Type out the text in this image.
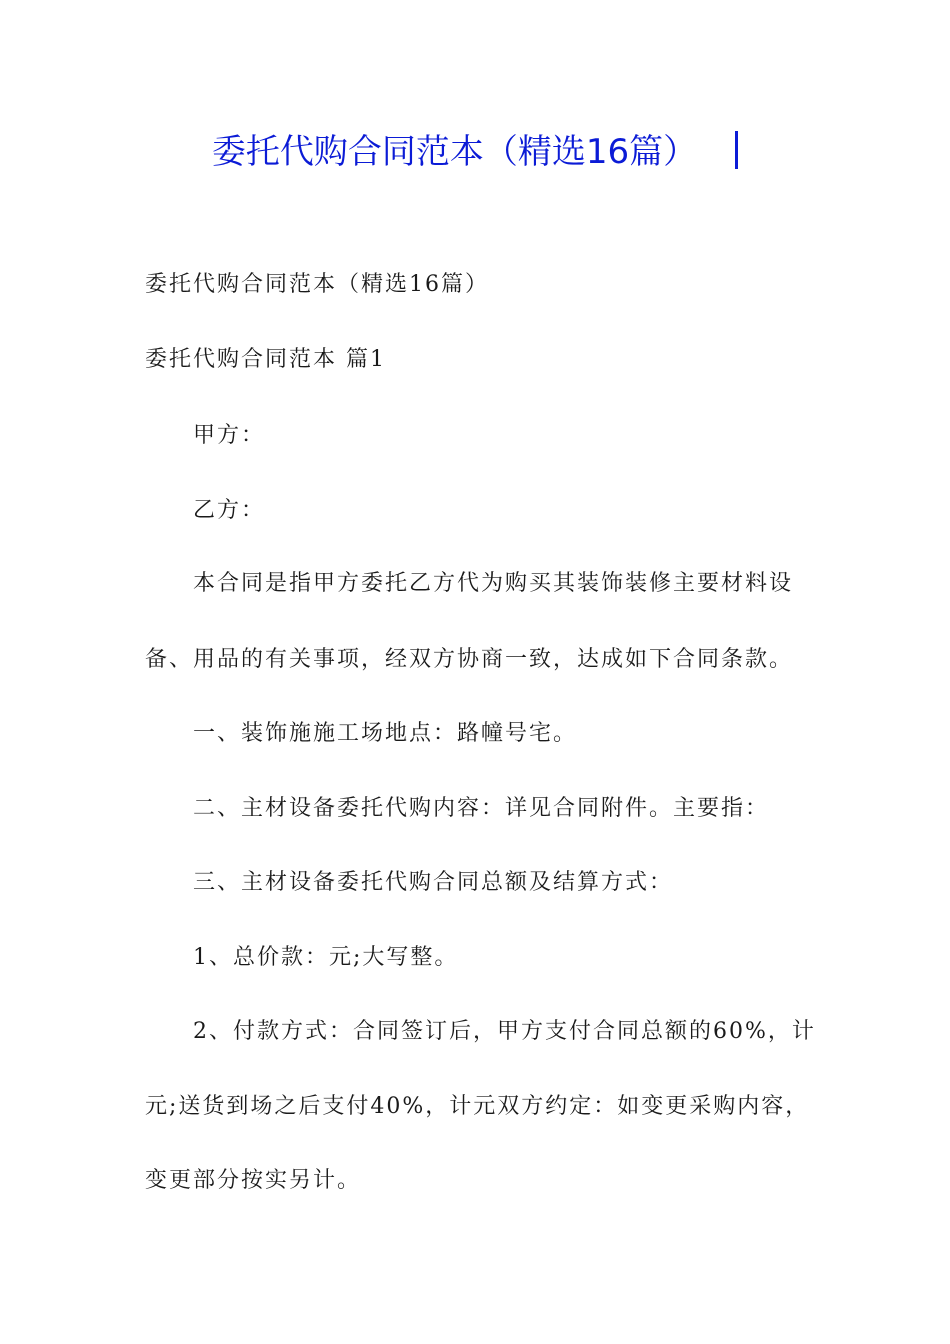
委托代购合同范本（精选16篇）
委托代购合同范本（精选16篇）
委托代购合同范本 篇1
甲方：
乙方：
本合同是指甲方委托乙方代为购买其装饰装修主要材料设
备、用品的有关事项，经双方协商一致，达成如下合同条款。
一、装饰施施工场地点：路幢号宅。
二、主材设备委托代购内容：详见合同附件。主要指：
三、主材设备委托代购合同总额及结算方式：
1、总价款：元;大写整。
2、付款方式：合同签订后，甲方支付合同总额的60%，计
元;送货到场之后支付40%，计元双方约定：如变更采购内容，
变更部分按实另计。
